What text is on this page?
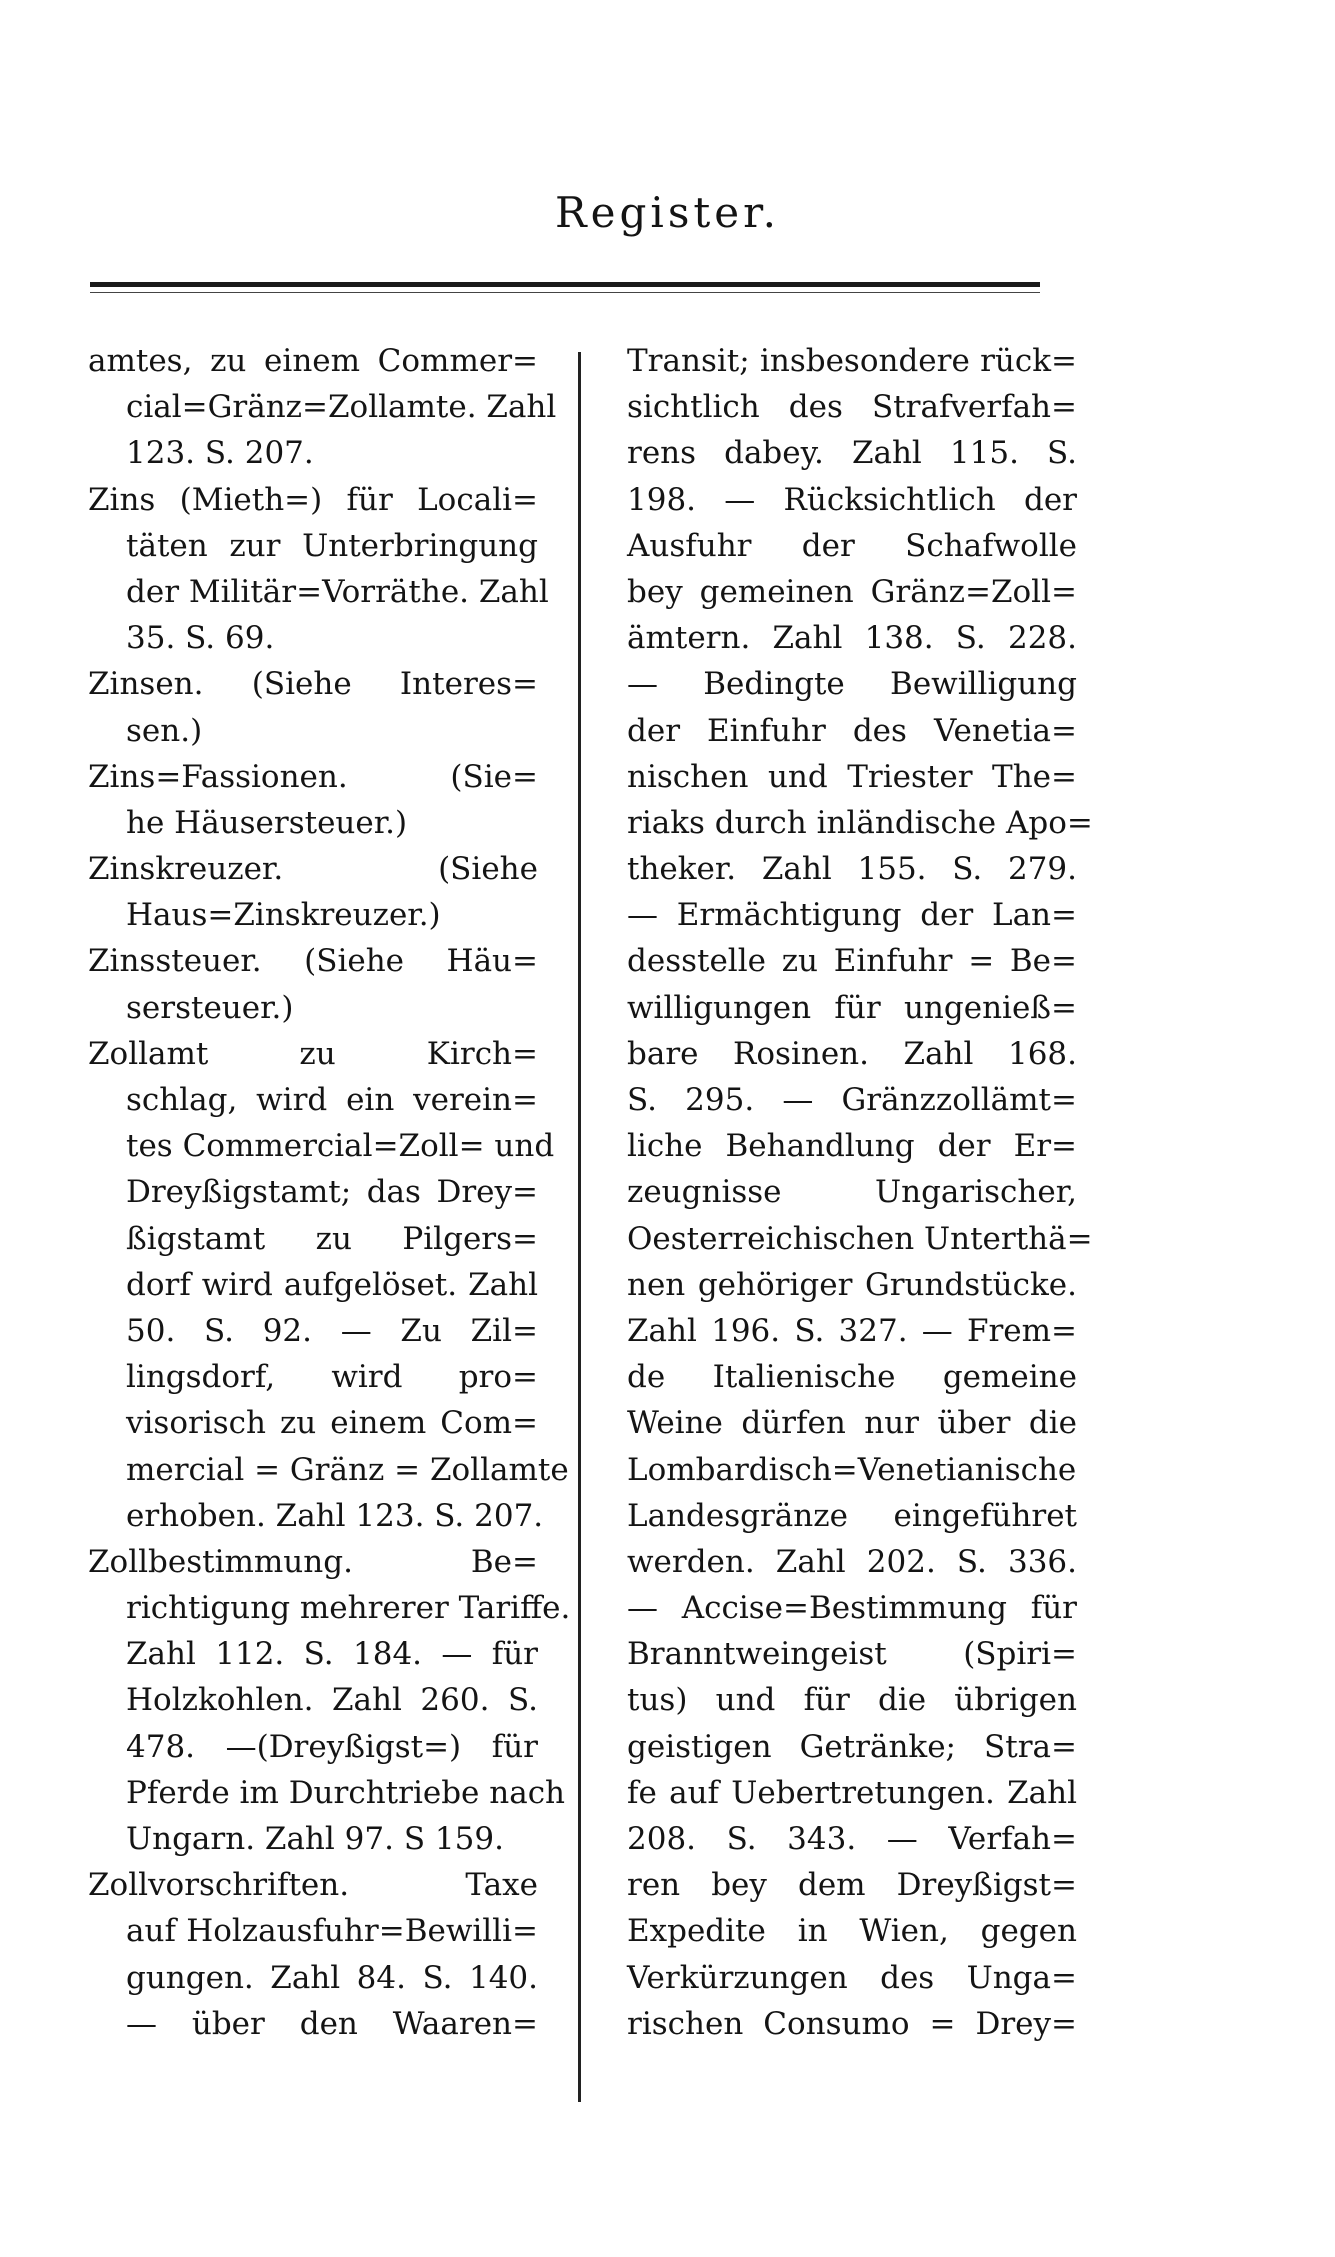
Register.
amtes, zu einem Commer=
cial=Gränz=Zollamte. Zahl
123. S. 207.
Zins (Mieth=) für Locali=
täten zur Unterbringung
der Militär=Vorräthe. Zahl
35. S. 69.
Zinsen. (Siehe Interes=
sen.)
Zins=Fassionen. (Sie=
he Häusersteuer.)
Zinskreuzer. (Siehe
Haus=Zinskreuzer.)
Zinssteuer. (Siehe Häu=
sersteuer.)
Zollamt zu Kirch=
schlag, wird ein verein=
tes Commercial=Zoll= und
Dreyßigstamt; das Drey=
ßigstamt zu Pilgers=
dorf wird aufgelöset. Zahl
50. S. 92. — Zu Zil=
lingsdorf, wird pro=
visorisch zu einem Com=
mercial = Gränz = Zollamte
erhoben. Zahl 123. S. 207.
Zollbestimmung. Be=
richtigung mehrerer Tariffe.
Zahl 112. S. 184. — für
Holzkohlen. Zahl 260. S.
478. —(Dreyßigst=) für
Pferde im Durchtriebe nach
Ungarn. Zahl 97. S 159.
Zollvorschriften. Taxe
auf Holzausfuhr=Bewilli=
gungen. Zahl 84. S. 140.
— über den Waaren=
Transit; insbesondere rück=
sichtlich des Strafverfah=
rens dabey. Zahl 115. S.
198. — Rücksichtlich der
Ausfuhr der Schafwolle
bey gemeinen Gränz=Zoll=
ämtern. Zahl 138. S. 228.
— Bedingte Bewilligung
der Einfuhr des Venetia=
nischen und Triester The=
riaks durch inländische Apo=
theker. Zahl 155. S. 279.
— Ermächtigung der Lan=
desstelle zu Einfuhr = Be=
willigungen für ungenieß=
bare Rosinen. Zahl 168.
S. 295. — Gränzzollämt=
liche Behandlung der Er=
zeugnisse Ungarischer,
Oesterreichischen Unterthä=
nen gehöriger Grundstücke.
Zahl 196. S. 327. — Frem=
de Italienische gemeine
Weine dürfen nur über die
Lombardisch=Venetianische
Landesgränze eingeführet
werden. Zahl 202. S. 336.
— Accise=Bestimmung für
Branntweingeist (Spiri=
tus) und für die übrigen
geistigen Getränke; Stra=
fe auf Uebertretungen. Zahl
208. S. 343. — Verfah=
ren bey dem Dreyßigst=
Expedite in Wien, gegen
Verkürzungen des Unga=
rischen Consumo = Drey=
